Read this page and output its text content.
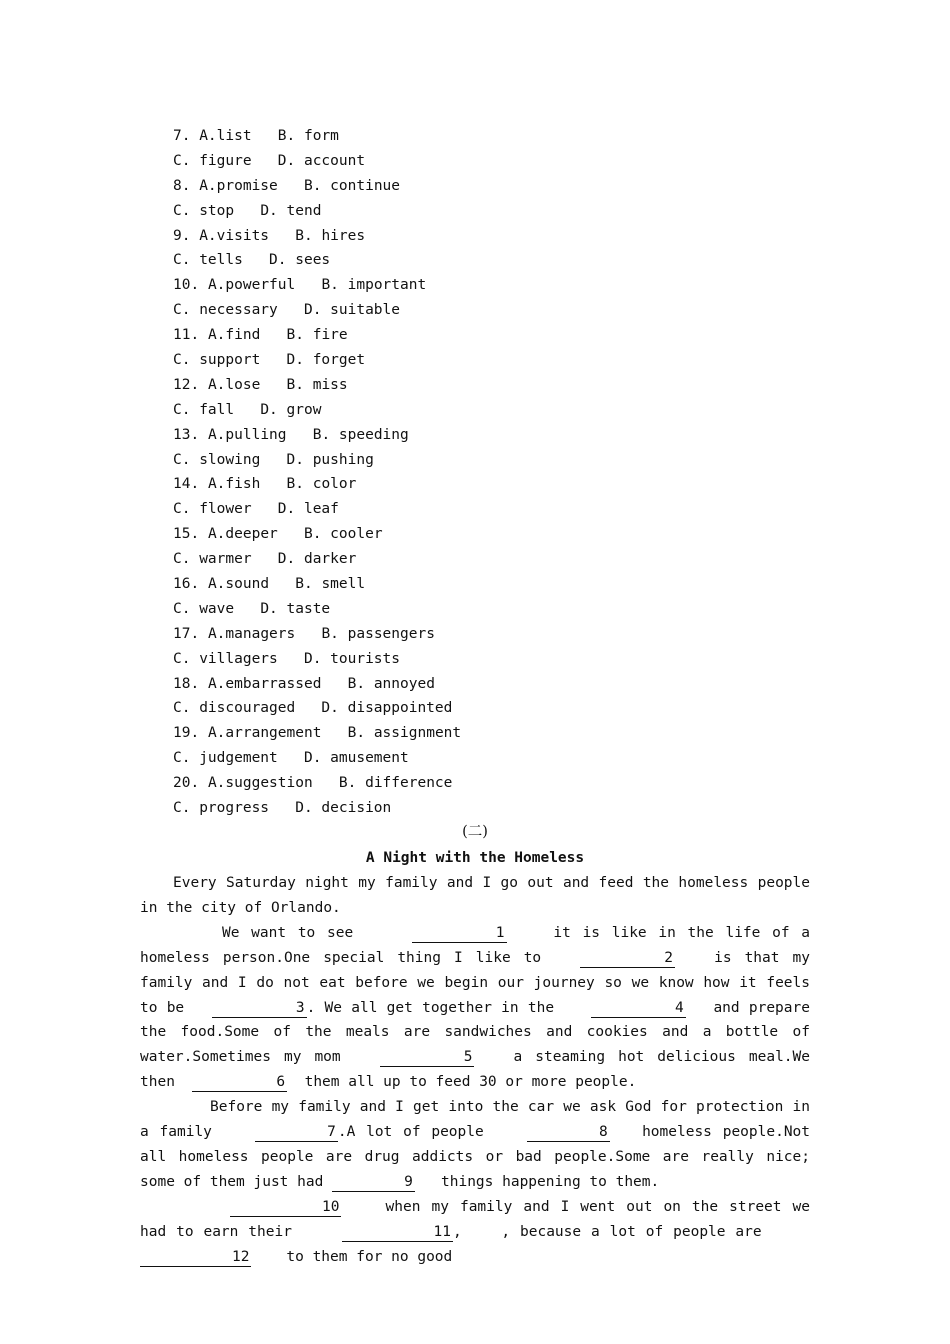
7. A.list B. form
C. figure D. account
8. A.promise B. continue
C. stop D. tend
9. A.visits B. hires
C. tells D. sees
10. A.powerful B. important
C. necessary D. suitable
11. A.find B. fire
C. support D. forget
12. A.lose B. miss
C. fall D. grow
13. A.pulling B. speeding
C. slowing D. pushing
14. A.fish B. color
C. flower D. leaf
15. A.deeper B. cooler
C. warmer D. darker
16. A.sound B. smell
C. wave D. taste
17. A.managers B. passengers
C. villagers D. tourists
18. A.embarrassed B. annoyed
C. discouraged D. disappointed
19. A.arrangement B. assignment
C. judgement D. amusement
20. A.suggestion B. difference
C. progress D. decision
(二)
A Night with the Homeless

Every Saturday night my family and I go out and feed the homeless people in the city of Orlando.

We want to see	1	it is like in the life of a homeless person.One special thing I like to	2	is that my family and I do not eat before we begin our journey so we know how it feels to be	3 . We all get together in the	4 and prepare the food.Some of the meals are sandwiches and cookies and a bottle of water.Sometimes my mom	5	a steaming hot delicious meal.We then	6 them all up to feed 30 or more people.

Before my family and I get into the car we ask God for protection in a family	7 .A lot of people	8 homeless people.Not all homeless people are drug addicts or bad people.Some are really nice; some of them just had	9 things happening to them.

10	when my family and I went out on the street we had to earn their	11 ,    , because a lot of people are     12	to them for no good
